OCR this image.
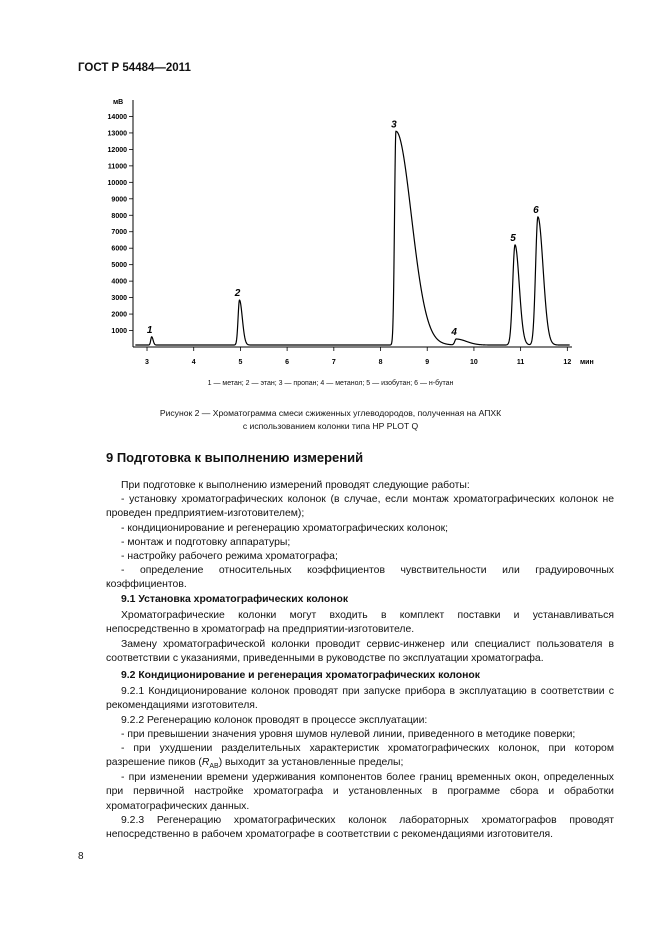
ГОСТ Р 54484—2011
1000
2000
3000
4000
5000
6000
7000
8000
9000
10000
11000
12000
13000
14000
3	4	5	6	7	8	9	10	11	12
1
2
3
4
5
6
мВ
мин
1 — метан; 2 — этан; 3 — пропан; 4 — метанол; 5 — изобутан; 6 — н-бутан
Рисунок 2 — Хроматограмма смеси сжиженных углеводородов, полученная на АПХК
с использованием колонки типа НР PLOT Q
9 Подготовка к выполнению измерений
При подготовке к выполнению измерений проводят следующие работы:
- установку хроматографических колонок (в случае, если монтаж хроматографических колонок не проведен предприятием-изготовителем);
- кондиционирование и регенерацию хроматографических колонок;
- монтаж и подготовку аппаратуры;
- настройку рабочего режима хроматографа;
- определение относительных коэффициентов чувствительности или градуировочных коэффициентов.
9.1 Установка хроматографических колонок
Хроматографические колонки могут входить в комплект поставки и устанавливаться непосредственно в хроматограф на предприятии-изготовителе.
Замену хроматографической колонки проводит сервис-инженер или специалист пользователя в соответствии с указаниями, приведенными в руководстве по эксплуатации хроматографа.
9.2 Кондиционирование и регенерация хроматографических колонок
9.2.1 Кондиционирование колонок проводят при запуске прибора в эксплуатацию в соответствии с рекомендациями изготовителя.
9.2.2 Регенерацию колонок проводят в процессе эксплуатации:
- при превышении значения уровня шумов нулевой линии, приведенного в методике поверки;
- при ухудшении разделительных характеристик хроматографических колонок, при котором разрешение пиков $(R_{AB})$ выходит за установленные пределы;
- при изменении времени удерживания компонентов более границ временных окон, определенных при первичной настройке хроматографа и установленных в программе сбора и обработки хроматографических данных.
9.2.3 Регенерацию хроматографических колонок лабораторных хроматографов проводят непосредственно в рабочем хроматографе в соответствии с рекомендациями изготовителя.
8
